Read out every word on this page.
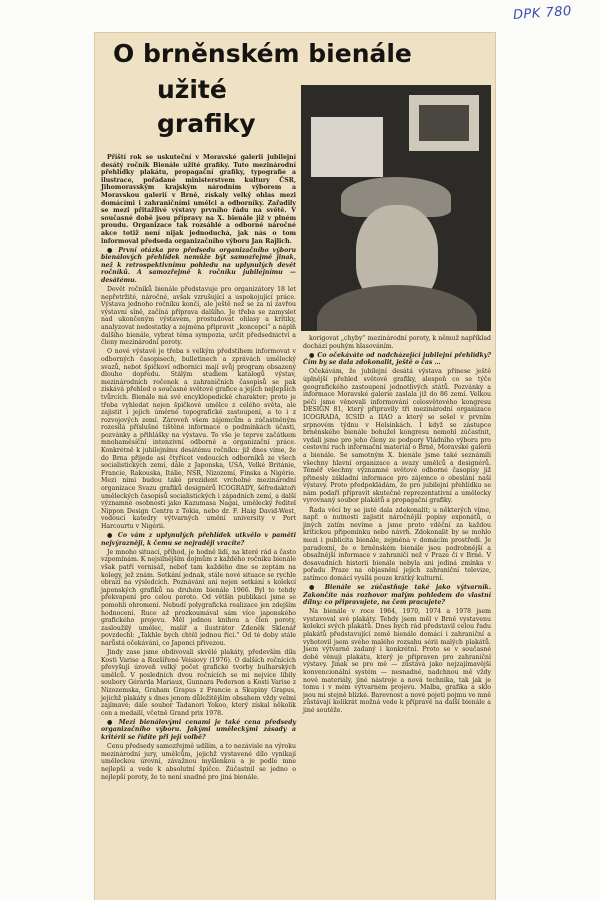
DPK 780
O brněnském bienále
užité
grafiky

Příští rok se uskuteční v Moravské galerii jubilejní desátý ročník Bienále užité grafiky. Tuto mezinárodní přehlídky plakátu, propagační grafiky, typografie a ilustrace, pořádané ministerstvem kultury ČSR, Jihomoravským krajským národním výborem a Moravskou galerií v Brně, získaly velký ohlas mezi domácími i zahraničními umělci a odborníky. Zařadily se mezi přitažlivé výstavy prvního řádu na světě. V současné době jsou přípravy na X. bienále již v plném proudu. Organizace tak rozsáhlé a odborně náročné akce totiž není nijak jednoduchá, jak nás o tom informoval předseda organizačního výboru Jan Rajlich.

● První otázka pro předsedu organizačního výboru bienálových přehlídek nemůže být samozřejmě jinak, než k retrospektivnímu pohledu na uplynulých devět ročníků. A samozřejmě k ročníku jubilejnímu — desátému.

Devět ročníků bienále představuje pro organizátory 18 let nepřetržité, náročné, avšak vzrušující a uspokojující práce. Výstava jednoho ročníku končí, ale ještě než se za ní zavřou výstavní síně, začíná příprava dalšího. Je třeba se zamyslet nad ukončeným výstavem, prostudovat ohlasy a kritiky, analyzovat nedostatky a zejména připravit „koncepci“ a náplň dalšího bienále, vybrat téma sympozia, určit předsednictví a členy mezinárodní poroty.

O nové výstavě je třeba s velkým předstihem informovat v odborných časopisech, bulletinech a zprávách umělecký svazů, nebot špičkoví odborníci mají svůj program obsazený dlouho dopředu. Stálým studiem katalogů výstav, mezinárodních ročenek a zahraničních časopisů se pak získává přehled o současné světové grafice a jejích nejlepších tvůrcích. Bienále má své encyklopedické charakter; proto je třeba vyhledat nejen špičkové umělce z celého světa, ale zajistit i jejich úměrné topografické zastoupení, a to i z rozvojových zemí. Zároveň všem zájemcům a zúčastněným rozesílá příslušné tištěné informace o podmínkách účasti, pozvánky a přihlášky na výstavu. To vše je teprve začátkem mnohaměsíční intenzivní odborné a organizační práce. Konkrétně k jubilejnímu desátému ročníku: již dnes víme, že do Brna přijede asi čtyřicet vedoucích odborníků ze všech socialistických zemí, dále z Japonska, USA, Velké Británie, Francie, Rakouska, Itálie, NSR, Nizozemí, Finska a Nigérie. Mezi nimi budou také prezident vrcholné mezinárodní organizace Svazu grafiků designérů ICOGRADY, šéfredaktoři uměleckých časopisů socialistických i západních zemí, a další významné osobnosti jako Kazumasa Nagai, umělecký ředitel Nippon Design Centra z Tokia, nebo dr. F. Haig David-West, vedoucí katedry výtvarných umění university v Port Harcourtu v Nigérii.

● Co vám z uplynulých přehlídek utkvělo v paměti nejvýrazněji, k čemu se nejraději vracíte?

Je mnoho situací, příhod, je hodně lidí, na které rád a často vzpomínám. K nejsilnějším dojmům z každého ročníku bienále však patří vernisáž, neboť tam každého dne se zeptám na kolegy, jež znám. Setkání jednak, stále nové situace se rychle obrazí na výsledcích. Poznávání ani nejen setkání s kolekcí japonských grafiků na druhém bienále 1966. Byl to tehdy překvapení pro celou poroto. Od většin publikací jsme se pomohli ohromení. Nebudí polygrafická realizace jen zdejším hodnocení. Ruce až prozkoumával sám více japonského grafického projevu. Měl jednou knihou a člen poroty, zasloužilý umělec, malíř a ilustrátor Zdeněk Sklenář povzdechl: „Takhle bych chtěl jednou říci.“ Od té doby stále narůstá očekávání, co Japonci přivezou.

Jindy zase jsme obdivovali skvělé plakáty, především díla Kosti Varise a Rozšířené Veisiovy (1976). O dalších ročnících převyšují úroveň velký počet grafické tvorby bulharských umělců. V posledních dvou ročnících se mi nejvíce líbily soubory Gérarda Mariaux, Gunnara Pederson a Kosti Varise z Nizozemska, Graham Grapus z Francie a Skupiny Grapus, jejichž plakáty s dnes jenom důležitějším obsahem vždy velmi zajímavé; dále soubor Tadanori Yokoo, který získal několik cen a medailí, včetně Grand prix 1978.

● Mezi bienálovými cenami je také cena předsedy organizačního výboru. Jakými uměleckými zásady a kritérii se řídíte při její volbě?

Cenu předsedy samozřejmě udílím, a to nezávisle na výroku mezinárodní jury, umělcům, jejichž vystavené dílo vynikají uměleckou úrovní, závažnou myšlenkou a je podle mne nejlepší a vede k absolutní špičce. Zúčastnil se jedno o nejlepší poroty, že to není snadné pro jiná bienále.

korigovat „chyby“ mezinárodní poroty, k němuž například dochází pouhým hlasováním.

● Co očekáváte od nadcházející jubilejní přehlídky? Čím by se dala zdokonalit, ještě o čas …

Očekávám, že jubilejní desátá výstava přinese ještě úplnější přehled světové grafiky, alespoň co se týče geografického zastoupení jednotlivých států. Pozvánky a informace Moravské galerie zaslala již do 86 zemí. Velkou péči jsme věnovali informování celosvětového kongresu DESIGN 81, který připravily tři mezinárodní organizace ICOGRADA, ICSID a IIAO a který se sešel v prvním srpnovém týdnu v Helsinkách. I když se zástupce brněnského bienále bohužel kongresu nemohl zúčastnit, vydali jsme pro jeho členy ze podpory Vládního výboru pro cestovní ruch informační materiál o Brně, Moravské galerii a bienále. Se samotným X. bienále jsme také seznámili všechny hlavní organizace a svazy umělců a designérů. Téměř všechny významné světové odborné časopisy již přinesly základní informace pro zájemce o obeslání naší výstavy. Proto předpokládám, že pro jubilejní přehlídku se nám podaří připravit skutečně reprezentativní a umělecky vyrovnaný soubor plakátů a propagační grafiky.

Řada věcí by se jistě dala zdokonalit; u některých víme, např. o nutnosti zajistit náročnější popisy exponátů, o jiných zatím nevíme a jsme proto vděční za každou kritickou připomínku nebo návrh. Zdokonalit by se mohlo mezi i publicita bienále, zejména v domácím prostředí. Je paradoxní, že o brněnském bienále jsou podrobnější a obsažnější informace v zahraničí než v Praze či v Brně. V dosavadních historii bienále nebyla ani jediná zmínka v pořadu Praze na objasnění jejich zahraniční televize, zatímco domácí vysílá pouze krátký kulturní.

● Bienále se zúčastňuje také jako výtvarník. Zakončíte nás rozhovor malým pohledem do vlastní dílny: co připravujete, na čem pracujete?

Na bienále v roce 1964, 1970, 1974 a 1978 jsem vystavoval své plakáty. Tehdy jsem měl v Brně vystavenu kolekci svých plakátů. Dnes bych rád představil celou řadu plakátů představující země bienále domácí i zahraniční a vyhotovil jsem svého malého rozsahu sérii malých plakátů. Jsem výtvarně zadaný i konkrétní. Proto se v současné době věnuji plakátu, který je připraven pro zahraniční výstavy. Jinak se pro mě — zůstává jako nejzajímavější konvencionální systém — nesnadné, nadchnou mě vždy nové materiály, jiné nástroje a nová technika, tak jak je tomu i v mém výtvarném projevu. Malba, grafika a sklo jsou mi stejně blízké. Barevnost a nové pojetí pojmu ve mně zůstávají kolikrát možná vede k přípravě na další bienále a jiné soutěže.
